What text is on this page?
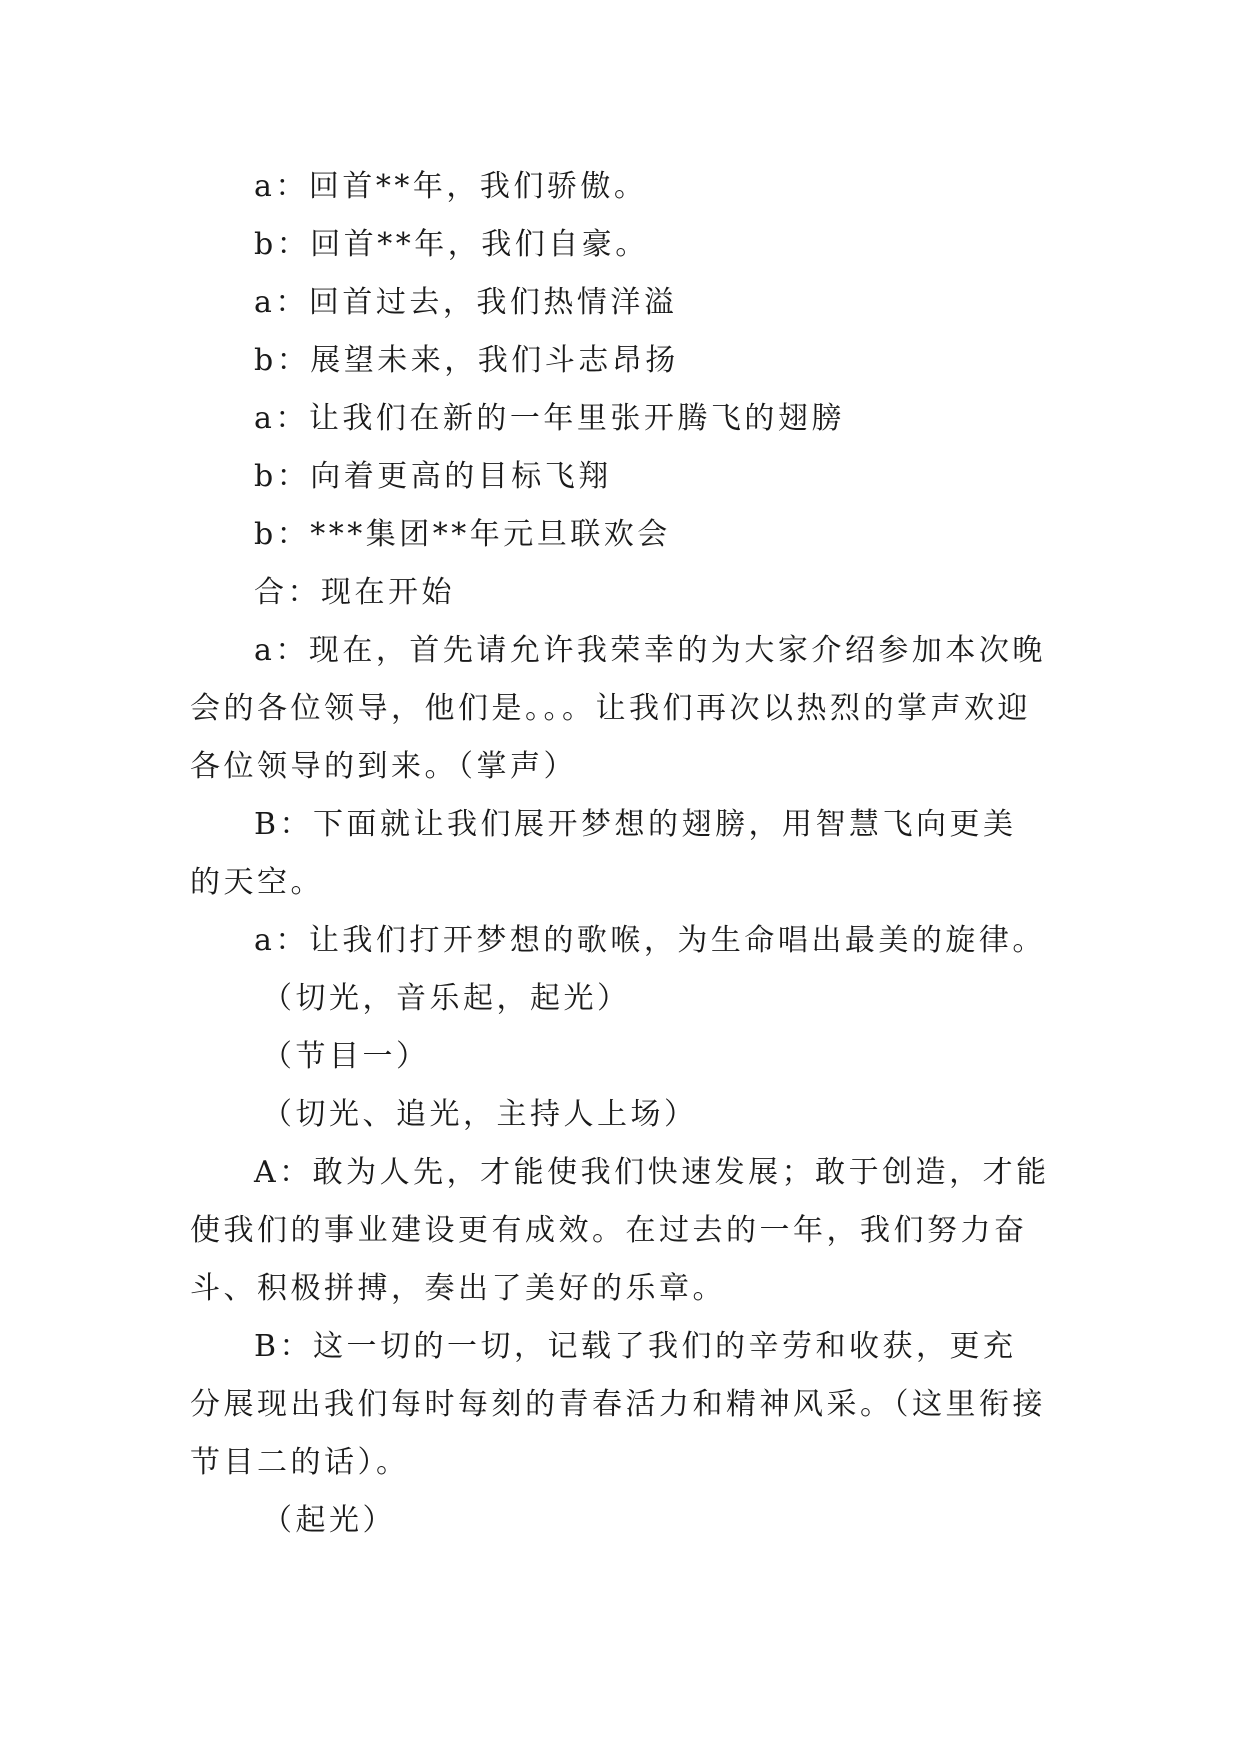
a：回首**年，我们骄傲。

b：回首**年，我们自豪。

a：回首过去，我们热情洋溢

b：展望未来，我们斗志昂扬

a：让我们在新的一年里张开腾飞的翅膀

b：向着更高的目标飞翔

b：***集团**年元旦联欢会

合：现在开始

a：现在，首先请允许我荣幸的为大家介绍参加本次晚会的各位领导，他们是。。。让我们再次以热烈的掌声欢迎各位领导的到来。（掌声）

B：下面就让我们展开梦想的翅膀，用智慧飞向更美的天空。

a：让我们打开梦想的歌喉，为生命唱出最美的旋律。

（切光，音乐起，起光）

（节目一）

（切光、追光，主持人上场）

A：敢为人先，才能使我们快速发展；敢于创造，才能使我们的事业建设更有成效。在过去的一年，我们努力奋斗、积极拼搏，奏出了美好的乐章。

B：这一切的一切，记载了我们的辛劳和收获，更充分展现出我们每时每刻的青春活力和精神风采。（这里衔接节目二的话）。

（起光）
